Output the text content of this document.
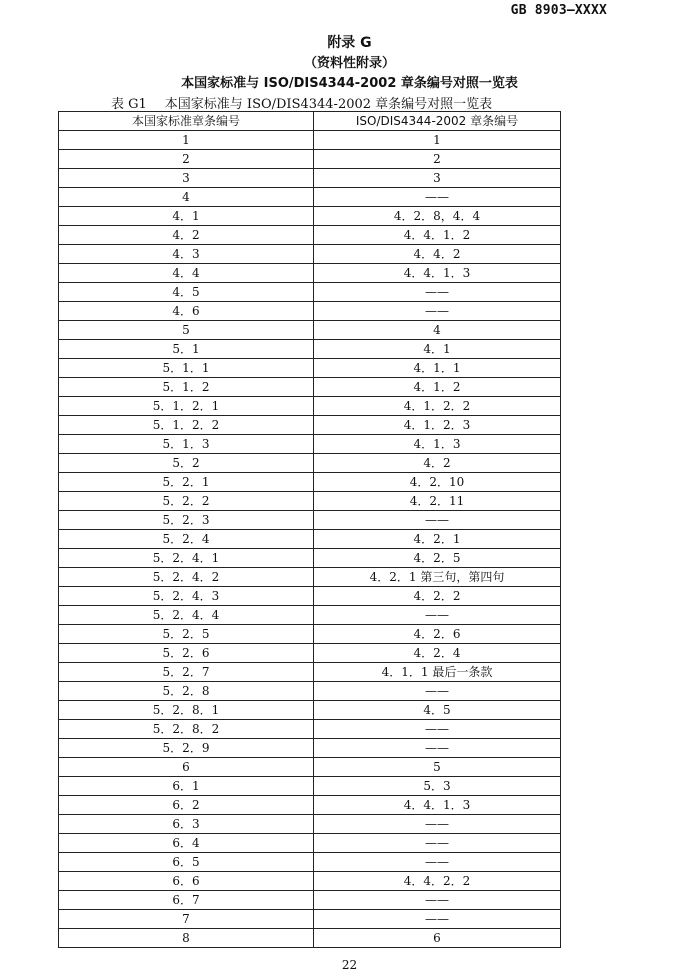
GB 8903—XXXX
附录 G
（资料性附录）
本国家标准与 ISO/DIS4344-2002 章条编号对照一览表
表 G1 本国家标准与 ISO/DIS4344-2002 章条编号对照一览表
本国家标准章条编号	ISO/DIS4344-2002 章条编号
1	1
2	2
3	3
4	——
4．1	4．2．8，4．4
4．2	4．4．1．2
4．3	4．4．2
4．4	4．4．1．3
4．5	——
4．6	——
5	4
5．1	4．1
5．1．1	4．1．1
5．1．2	4．1．2
5．1．2．1	4．1．2．2
5．1．2．2	4．1．2．3
5．1．3	4．1．3
5．2	4．2
5．2．1	4．2．10
5．2．2	4．2．11
5．2．3	——
5．2．4	4．2．1
5．2．4．1	4．2．5
5．2．4．2	4．2．1 第三句，第四句
5．2．4．3	4．2．2
5．2．4．4	——
5．2．5	4．2．6
5．2．6	4．2．4
5．2．7	4．1．1 最后一条款
5．2．8	——
5．2．8．1	4．5
5．2．8．2	——
5．2．9	——
6	5
6．1	5．3
6．2	4．4．1．3
6．3	——
6．4	——
6．5	——
6．6	4．4．2．2
6．7	——
7	——
8	6
22
